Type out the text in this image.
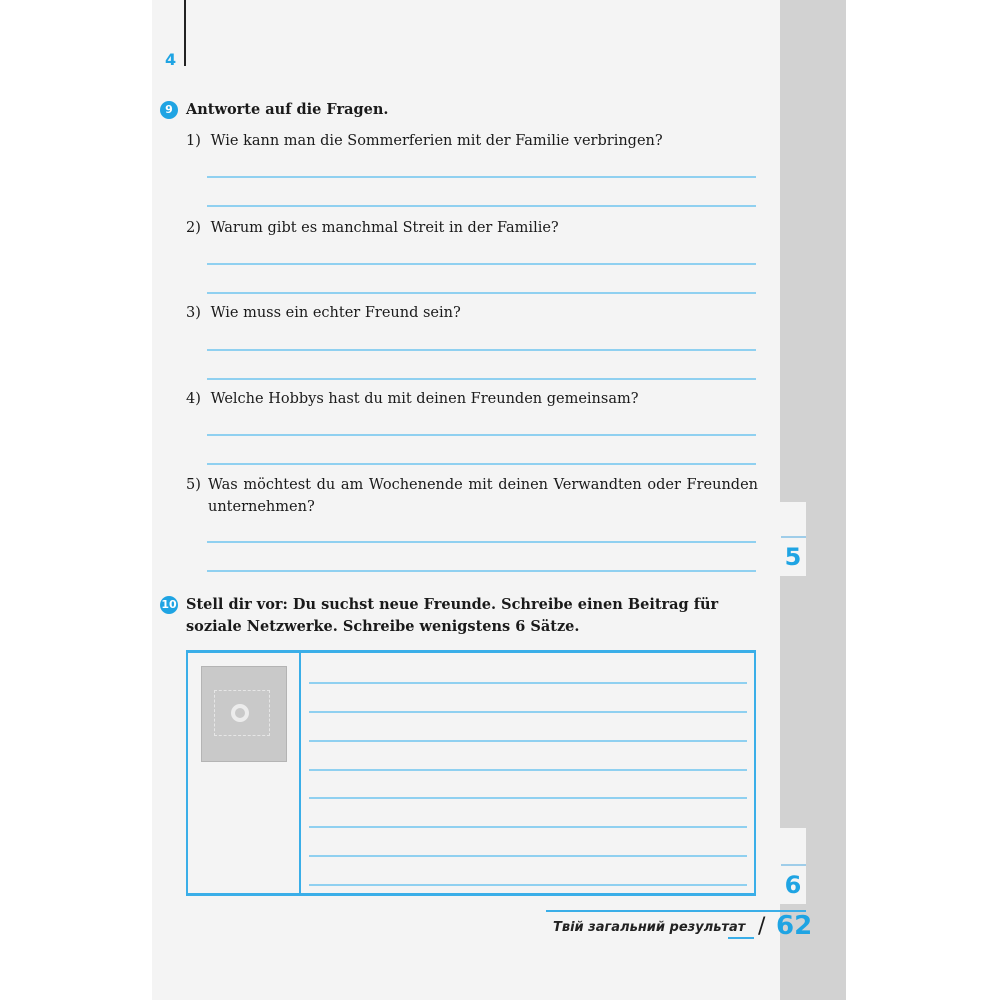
4
9 Antworte auf die Fragen.
1) Wie kann man die Sommerferien mit der Familie verbringen?
2) Warum gibt es manchmal Streit in der Familie?
3) Wie muss ein echter Freund sein?
4) Welche Hobbys hast du mit deinen Freunden gemeinsam?
5) Was möchtest du am Wochenende mit deinen Verwandten oder Freunden unternehmen?
5
10 Stell dir vor: Du suchst neue Freunde. Schreibe einen Beitrag für soziale Netzwerke. Schreibe wenigstens 6 Sätze.
6
Твій загальний результат / 62
